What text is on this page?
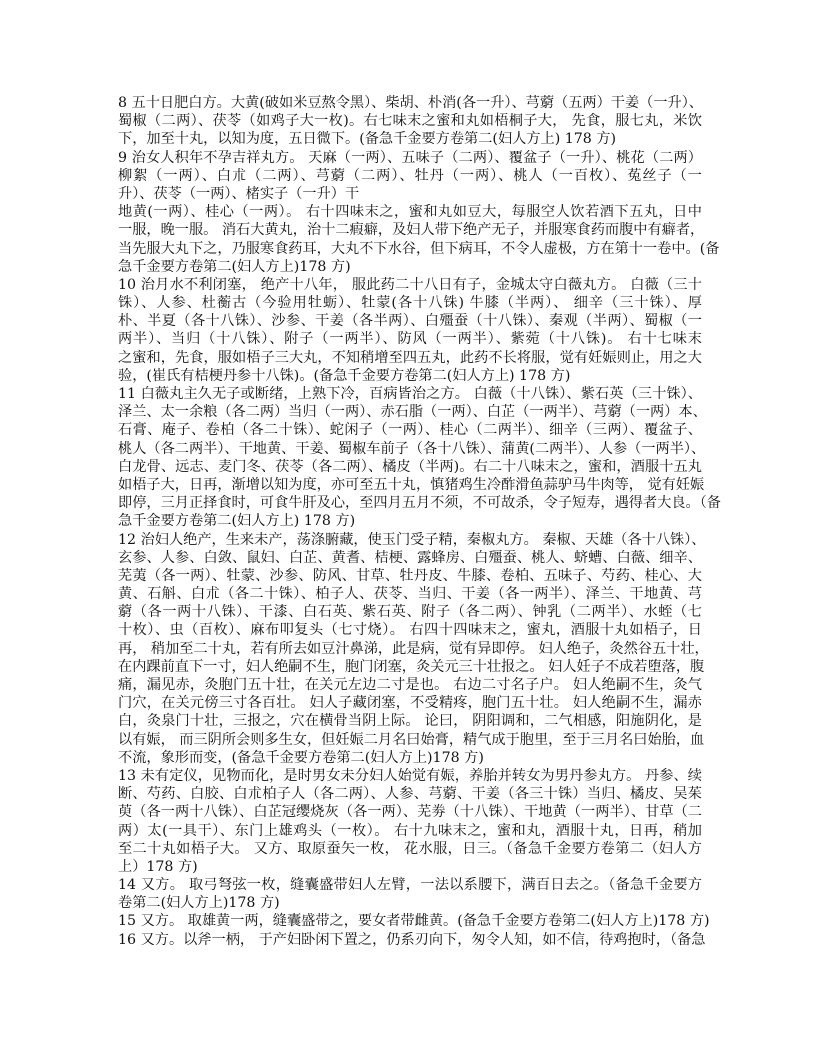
8 五十日肥白方。大黄(破如米豆熬令黑）、柴胡、朴消(各一升）、芎藭（五两）干姜（一升）、
蜀椒（二两）、茯苓（如鸡子大一枚)。右七味末之蜜和丸如梧桐子大， 先食，服七丸，米饮
下，加至十丸，以知为度，五日微下。(备急千金要方卷第二(妇人方上) 178 方)
9 治女人积年不孕吉祥丸方。 天麻（一两）、五味子（二两）、覆盆子（一升）、桃花（二两）
柳絮（一两）、白朮（二两）、芎藭（二两）、牡丹（一两）、桃人（一百枚）、菟丝子（一
升）、茯苓（一两）、楮实子（一升）干
地黄(一两）、桂心（一两）。 右十四味末之，蜜和丸如豆大，每服空人饮若酒下五丸，日中
一服，晚一服。 消石大黄丸，治十二瘕癖，及妇人带下绝产无子，并服寒食药而腹中有癖者，
当先服大丸下之，乃服寒食药耳，大丸不下水谷，但下病耳，不令人虚极，方在第十一卷中。(备
急千金要方卷第二(妇人方上)178 方)
10 治月水不利闭塞， 绝产十八年， 服此药二十八日有子，金城太守白薇丸方。 白薇（三十
铢）、人参、杜蘅古（今验用牡蛎）、牡蒙(各十八铢) 牛膝（半两）、 细辛（三十铢）、厚
朴、半夏（各十八铢）、沙参、干姜（各半两）、白殭蚕（十八铢）、秦观（半两）、蜀椒（一
两半）、当归（十八铢）、附子（一两半）、防风（一两半）、紫菀（十八铢)。 右十七味末
之蜜和，先食，服如梧子三大丸，不知稍增至四五丸，此药不长将服，觉有妊娠则止，用之大
验，(崔氏有桔梗丹参十八铢)。(备急千金要方卷第二(妇人方上) 178 方)
11 白薇丸主久无子或断绪，上熟下冷，百病皆治之方。 白薇（十八铢）、紫石英（三十铢）、
泽兰、太一余粮（各二两）当归（一两）、赤石脂（一两）、白芷（一两半）、芎藭（一两）本、
石膏、庵子、卷柏（各二十铢）、蛇闲子（一两）、桂心（二两半）、细辛（三两）、覆盆子、
桃人（各二两半）、干地黄、干姜、蜀椒车前子（各十八铢）、蒲黄(二两半）、人参（一两半）、
白龙骨、远志、麦门冬、茯苓（各二两）、橘皮（半两)。右二十八味末之，蜜和，酒服十五丸
如梧子大，日再，渐增以知为度，亦可至五十丸，慎猪鸡生冷酢滑鱼蒜驴马牛肉等， 觉有妊娠
即停，三月正择食时，可食牛肝及心，至四月五月不须，不可故杀，令子短寿，遇得者大良。（备
急千金要方卷第二(妇人方上) 178 方)
12 治妇人绝产，生来未产，荡涤腑藏，使玉门受子精，秦椒丸方。 秦椒、天雄（各十八铢）、
玄参、人参、白敛、鼠妇、白芷、黄耆、桔梗、露蜂房、白殭蚕、桃人、蛴螬、白薇、细辛、
芜荑（各一两）、牡蒙、沙参、防风、甘草、牡丹皮、牛膝、卷柏、五味子、芍药、桂心、大
黄、石斛、白朮（各二十铢）、柏子人、茯苓、当归、干姜（各一两半）、泽兰、干地黄、芎
藭（各一两十八铢）、干漆、白石英、紫石英、附子（各二两）、钟乳（二两半）、水蛭（七
十枚）、虫（百枚）、麻布叩复头（七寸烧）。 右四十四味末之，蜜丸，酒服十丸如梧子，日
再， 稍加至二十丸，若有所去如豆汁鼻涕，此是病，觉有异即停。 妇人绝子，灸然谷五十壮，
在内踝前直下一寸，妇人绝嗣不生，胞门闭塞，灸关元三十壮报之。 妇人妊子不成若堕落，腹
痛，漏见赤，灸胞门五十壮，在关元左边二寸是也。 右边二寸名子户。 妇人绝嗣不生，灸气
门穴，在关元傍三寸各百壮。 妇人子藏闭塞，不受精疼，胞门五十壮。 妇人绝嗣不生，漏赤
白，灸泉门十壮，三报之，穴在横骨当阴上际。 论曰， 阴阳调和，二气相感，阳施阴化，是
以有娠， 而三阴所会则多生女，但妊娠二月名曰始膏，精气成于胞里，至于三月名曰始胎，血
不流，象形而变，(备急千金要方卷第二(妇人方上)178 方)
13 未有定仪，见物而化，是时男女未分妇人始觉有娠，养胎并转女为男丹参丸方。 丹参、续
断、芍药、白胶、白朮柏子人（各二两）、人参、芎藭、干姜（各三十铢）当归、橘皮、吴茱
萸（各一两十八铢）、白芷冠缨烧灰（各一两）、芜劵（十八铢）、干地黄（一两半）、甘草（二
两）太(一具干）、东门上雄鸡头（一枚）。 右十九味末之，蜜和丸，酒服十丸，日再，稍加
至二十丸如梧子大。 又方、取原蚕矢一枚， 花水服，日三。（备急千金要方卷第二（妇人方
上）178 方)
14 又方。 取弓弩弦一枚，缝囊盛带妇人左臂，一法以系腰下，满百日去之。（备急千金要方
卷第二(妇人方上)178 方)
15 又方。 取雄黄一两，缝囊盛带之，要女者带雌黄。(备急千金要方卷第二(妇人方上)178 方)
16 又方。以斧一柄， 于产妇卧闲下置之，仍系刃向下，匆令人知，如不信，待鸡抱时，（备急
